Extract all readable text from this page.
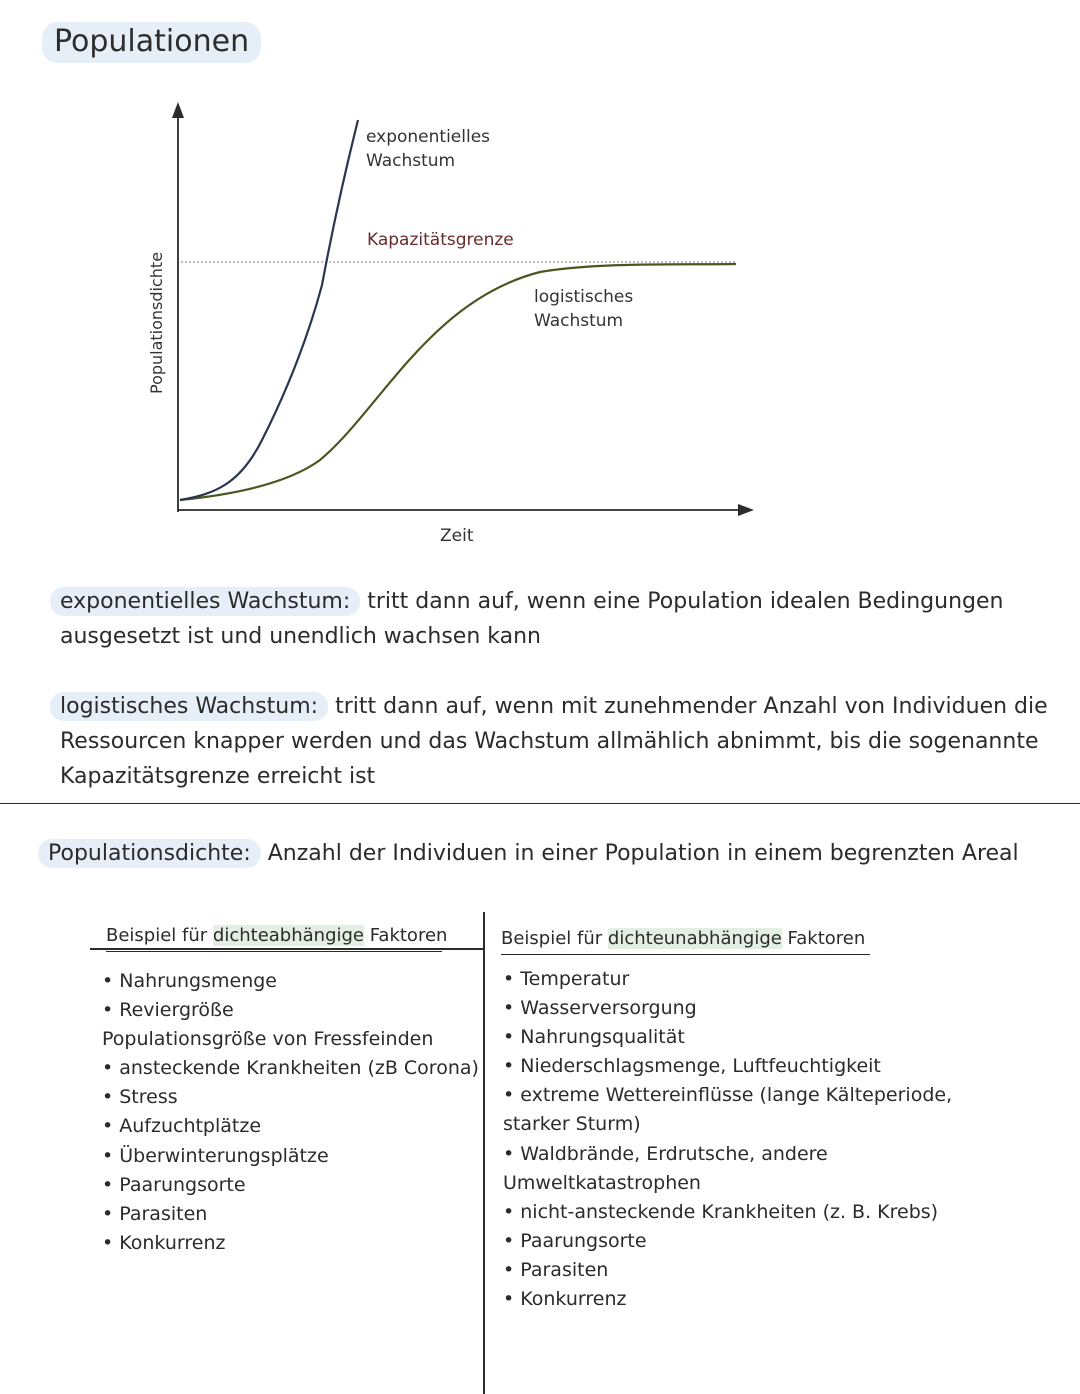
Populationen
Populationsdichte
Zeit
exponentielles
Wachstum
Kapazitätsgrenze
logistisches
Wachstum

exponentielles Wachstum: tritt dann auf, wenn eine Population idealen Bedingungen ausgesetzt ist und unendlich wachsen kann

logistisches Wachstum: tritt dann auf, wenn mit zunehmender Anzahl von Individuen die Ressourcen knapper werden und das Wachstum allmählich abnimmt, bis die sogenannte Kapazitätsgrenze erreicht ist

Populationsdichte: Anzahl der Individuen in einer Population in einem begrenzten Areal

Beispiel für dichteabhängige Faktoren	Beispiel für dichteunabhängige Faktoren
• Nahrungsmenge
• Reviergröße
Populationsgröße von Fressfeinden
• ansteckende Krankheiten (zB Corona)
• Stress
• Aufzuchtplätze
• Überwinterungsplätze
• Paarungsorte
• Parasiten
• Konkurrenz
• Temperatur
• Wasserversorgung
• Nahrungsqualität
• Niederschlagsmenge, Luftfeuchtigkeit
• extreme Wettereinflüsse (lange Kälteperiode,
starker Sturm)
• Waldbrände, Erdrutsche, andere
Umweltkatastrophen
• nicht-ansteckende Krankheiten (z. B. Krebs)
• Paarungsorte
• Parasiten
• Konkurrenz
